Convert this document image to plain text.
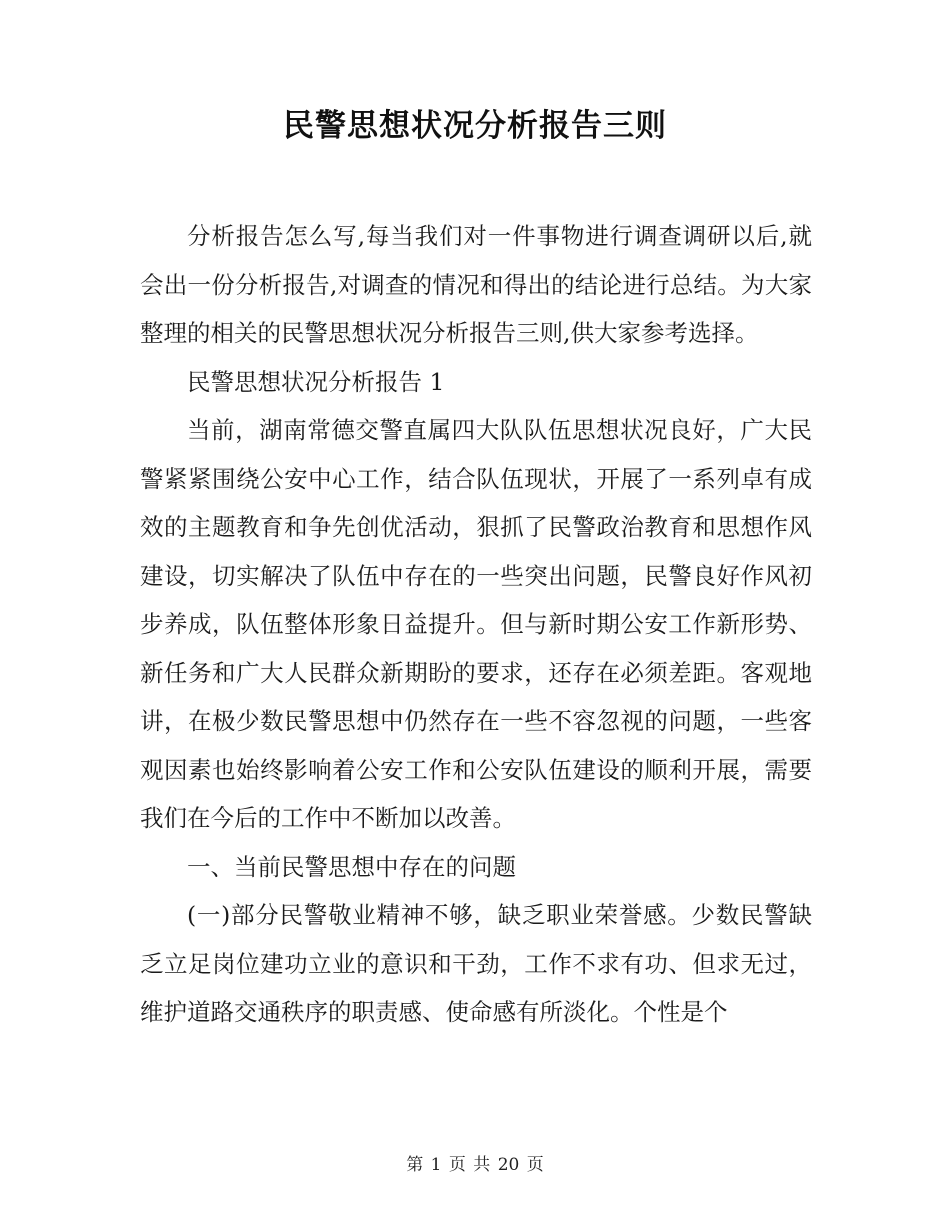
民警思想状况分析报告三则

分析报告怎么写,每当我们对一件事物进行调查调研以后,就会出一份分析报告,对调查的情况和得出的结论进行总结。为大家整理的相关的民警思想状况分析报告三则,供大家参考选择。

民警思想状况分析报告 1

当前，湖南常德交警直属四大队队伍思想状况良好，广大民警紧紧围绕公安中心工作，结合队伍现状，开展了一系列卓有成效的主题教育和争先创优活动，狠抓了民警政治教育和思想作风建设，切实解决了队伍中存在的一些突出问题，民警良好作风初步养成，队伍整体形象日益提升。但与新时期公安工作新形势、新任务和广大人民群众新期盼的要求，还存在必须差距。客观地讲，在极少数民警思想中仍然存在一些不容忽视的问题，一些客观因素也始终影响着公安工作和公安队伍建设的顺利开展，需要我们在今后的工作中不断加以改善。

一、当前民警思想中存在的问题

(一)部分民警敬业精神不够，缺乏职业荣誉感。少数民警缺乏立足岗位建功立业的意识和干劲，工作不求有功、但求无过，维护道路交通秩序的职责感、使命感有所淡化。个性是个

第 1 页 共 20 页
